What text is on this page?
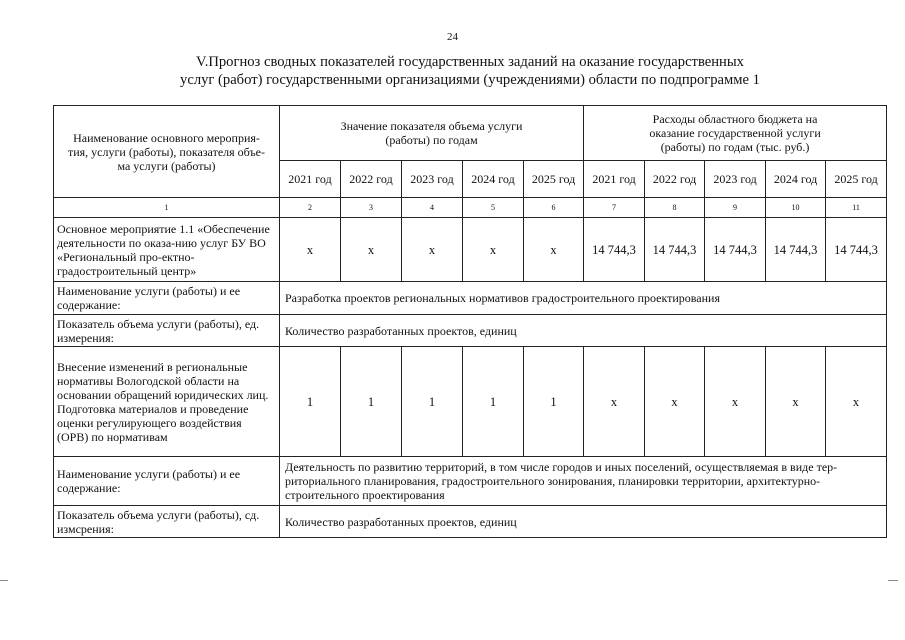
24
V.Прогноз сводных показателей государственных заданий на оказание государственных
услуг (работ) государственными организациями (учреждениями) области по подпрограмме 1
Наименование основного мероприя-тия, услуги (работы), показателя объе-ма услуги (работы)	Значение показателя объема услуги (работы) по годам					Расходы областного бюджета на оказание государственной услуги (работы) по годам (тыс. руб.)				
	2021 год	2022 год	2023 год	2024 год	2025 год	2021 год	2022 год	2023 год	2024 год	2025 год
1	2	3	4	5	6	7	8	9	10	11
Основное мероприятие 1.1 «Обеспечение деятельности по оказа-нию услуг БУ ВО «Региональный про-ектно-градостроительный центр»	х	х	х	х	х	14 744,3	14 744,3	14 744,3	14 744,3	14 744,3
Наименование услуги (работы) и ее содержание:	Разработка проектов региональных нормативов градостроительного проектирования									
Показатель объема услуги (работы), ед. измерения:	Количество разработанных проектов, единиц									

Внесение изменений в региональные нормативы Вологодской области на основании обращений юридических лиц.
Подготовка материалов и проведение оценки регулирующего воздействия (ОРВ) по нормативам	1	1	1	1	1	х	х	х	х	х
Наименование услуги (работы) и ее содержание:	Деятельность по развитию территорий, в том числе городов и иных поселений, осуществляемая в виде тер-риториального планирования, градостроительного зонирования, планировки территории, архитектурно-строительного проектирования									
Показатель объема услуги (работы), сд. измсрения:	Количество разработанных проектов, единиц									
